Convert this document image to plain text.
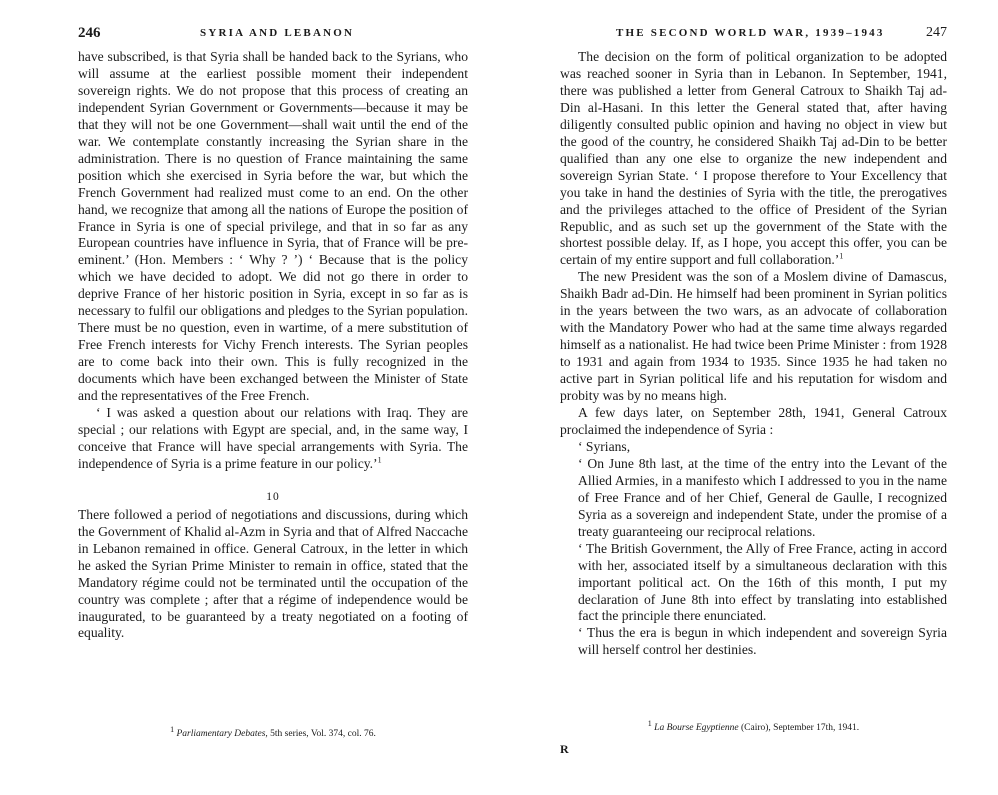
246	SYRIA AND LEBANON

have subscribed, is that Syria shall be handed back to the Syrians, who will assume at the earliest possible moment their independent sovereign rights. We do not propose that this process of creating an independent Syrian Government or Governments—because it may be that they will not be one Government—shall wait until the end of the war. We contemplate constantly increasing the Syrian share in the administration. There is no question of France maintaining the same position which she exercised in Syria before the war, but which the French Government had realized must come to an end. On the other hand, we recognize that among all the nations of Europe the position of France in Syria is one of special privilege, and that in so far as any European countries have influence in Syria, that of France will be pre-eminent.’ (Hon. Members : ‘ Why ? ’) ‘ Because that is the policy which we have decided to adopt. We did not go there in order to deprive France of her historic position in Syria, except in so far as is necessary to fulfil our obligations and pledges to the Syrian population. There must be no question, even in wartime, of a mere substitution of Free French interests for Vichy French interests. The Syrian peoples are to come back into their own. This is fully recognized in the documents which have been exchanged between the Minister of State and the representatives of the Free French.

‘ I was asked a question about our relations with Iraq. They are special ; our relations with Egypt are special, and, in the same way, I conceive that France will have special arrangements with Syria. The independence of Syria is a prime feature in our policy.’$^1$

10

There followed a period of negotiations and discussions, during which the Government of Khalid al-Azm in Syria and that of Alfred Naccache in Lebanon remained in office. General Catroux, in the letter in which he asked the Syrian Prime Minister to remain in office, stated that the Mandatory régime could not be terminated until the occupation of the country was complete ; after that a régime of independence would be inaugurated, to be guaranteed by a treaty negotiated on a footing of equality.

$^1$ Parliamentary Debates, 5th series, Vol. 374, col. 76.
THE SECOND WORLD WAR, 1939–1943	247

The decision on the form of political organization to be adopted was reached sooner in Syria than in Lebanon. In September, 1941, there was published a letter from General Catroux to Shaikh Taj ad-Din al-Hasani. In this letter the General stated that, after having diligently consulted public opinion and having no object in view but the good of the country, he considered Shaikh Taj ad-Din to be better qualified than any one else to organize the new independent and sovereign Syrian State. ‘ I propose therefore to Your Excellency that you take in hand the destinies of Syria with the title, the prerogatives and the privileges attached to the office of President of the Syrian Republic, and as such set up the government of the State with the shortest possible delay. If, as I hope, you accept this offer, you can be certain of my entire support and full collaboration.’$^1$

The new President was the son of a Moslem divine of Damascus, Shaikh Badr ad-Din. He himself had been prominent in Syrian politics in the years between the two wars, as an advocate of collaboration with the Mandatory Power who had at the same time always regarded himself as a nationalist. He had twice been Prime Minister : from 1928 to 1931 and again from 1934 to 1935. Since 1935 he had taken no active part in Syrian political life and his reputation for wisdom and probity was by no means high.

A few days later, on September 28th, 1941, General Catroux proclaimed the independence of Syria :

‘ Syrians,

‘ On June 8th last, at the time of the entry into the Levant of the Allied Armies, in a manifesto which I addressed to you in the name of Free France and of her Chief, General de Gaulle, I recognized Syria as a sovereign and independent State, under the promise of a treaty guaranteeing our reciprocal relations.

‘ The British Government, the Ally of Free France, acting in accord with her, associated itself by a simultaneous declaration with this important political act. On the 16th of this month, I put my declaration of June 8th into effect by translating into established fact the principle there enunciated.

‘ Thus the era is begun in which independent and sovereign Syria will herself control her destinies.

$^1$ La Bourse Egyptienne (Cairo), September 17th, 1941.
R
